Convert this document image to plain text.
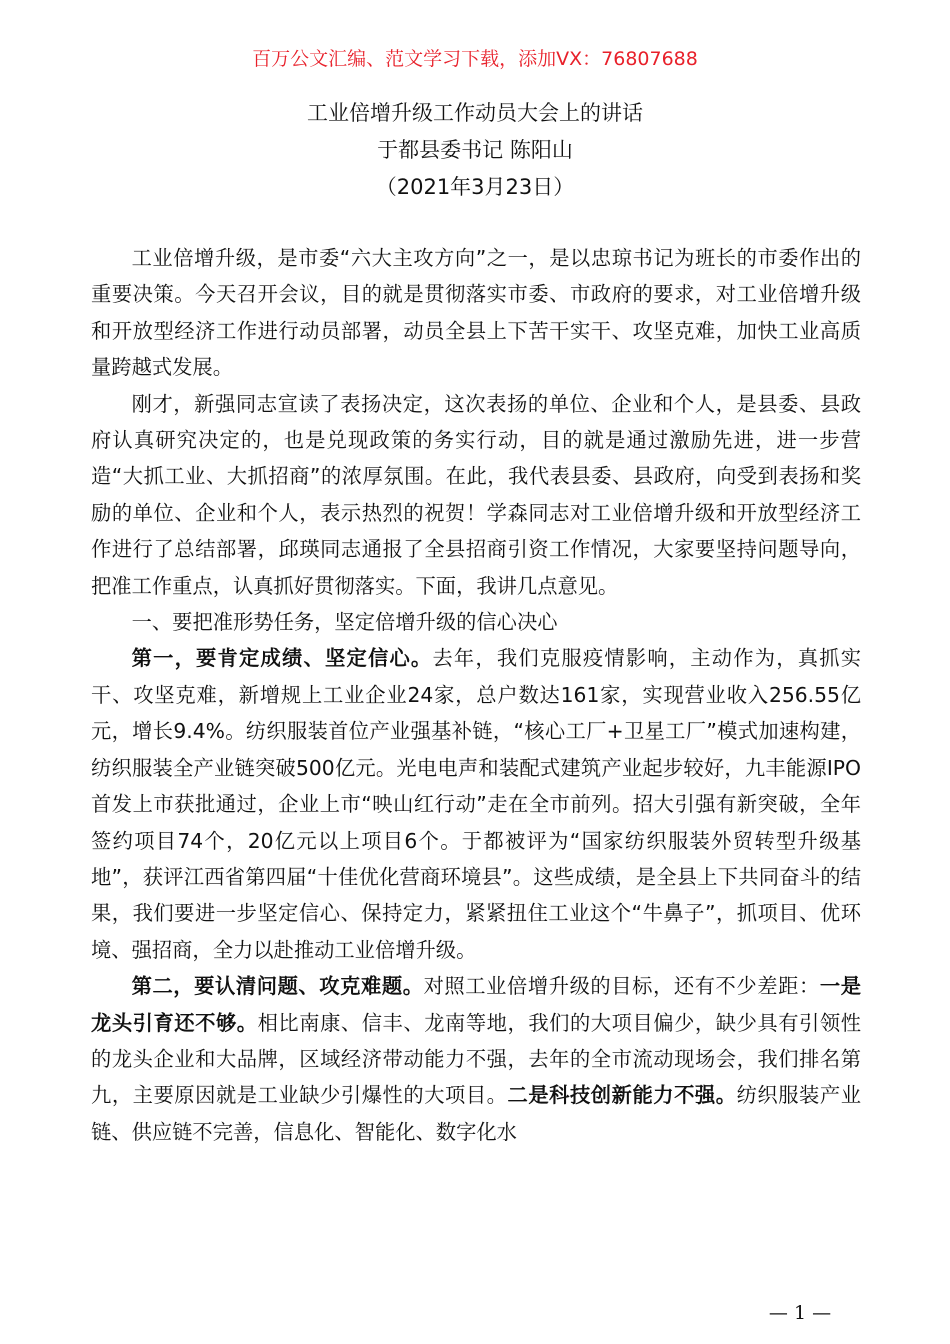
百万公文汇编、范文学习下载，添加VX：76807688
工业倍增升级工作动员大会上的讲话
于都县委书记 陈阳山
（2021年3月23日）

工业倍增升级，是市委“六大主攻方向”之一，是以忠琼书记为班长的市委作出的重要决策。今天召开会议，目的就是贯彻落实市委、市政府的要求，对工业倍增升级和开放型经济工作进行动员部署，动员全县上下苦干实干、攻坚克难，加快工业高质量跨越式发展。

刚才，新强同志宣读了表扬决定，这次表扬的单位、企业和个人，是县委、县政府认真研究决定的，也是兑现政策的务实行动，目的就是通过激励先进，进一步营造“大抓工业、大抓招商”的浓厚氛围。在此，我代表县委、县政府，向受到表扬和奖励的单位、企业和个人，表示热烈的祝贺！学森同志对工业倍增升级和开放型经济工作进行了总结部署，邱瑛同志通报了全县招商引资工作情况，大家要坚持问题导向，把准工作重点，认真抓好贯彻落实。下面，我讲几点意见。

一、要把准形势任务，坚定倍增升级的信心决心

第一，要肯定成绩、坚定信心。去年，我们克服疫情影响，主动作为，真抓实干、攻坚克难，新增规上工业企业24家，总户数达161家，实现营业收入256.55亿元，增长9.4%。纺织服装首位产业强基补链，“核心工厂+卫星工厂”模式加速构建，纺织服装全产业链突破500亿元。光电电声和装配式建筑产业起步较好，九丰能源IPO首发上市获批通过，企业上市“映山红行动”走在全市前列。招大引强有新突破，全年签约项目74个，20亿元以上项目6个。于都被评为“国家纺织服装外贸转型升级基地”，获评江西省第四届“十佳优化营商环境县”。这些成绩，是全县上下共同奋斗的结果，我们要进一步坚定信心、保持定力，紧紧扭住工业这个“牛鼻子”，抓项目、优环境、强招商，全力以赴推动工业倍增升级。

第二，要认清问题、攻克难题。对照工业倍增升级的目标，还有不少差距：一是龙头引育还不够。相比南康、信丰、龙南等地，我们的大项目偏少，缺少具有引领性的龙头企业和大品牌，区域经济带动能力不强，去年的全市流动现场会，我们排名第九，主要原因就是工业缺少引爆性的大项目。二是科技创新能力不强。纺织服装产业链、供应链不完善，信息化、智能化、数字化水

— 1 —
